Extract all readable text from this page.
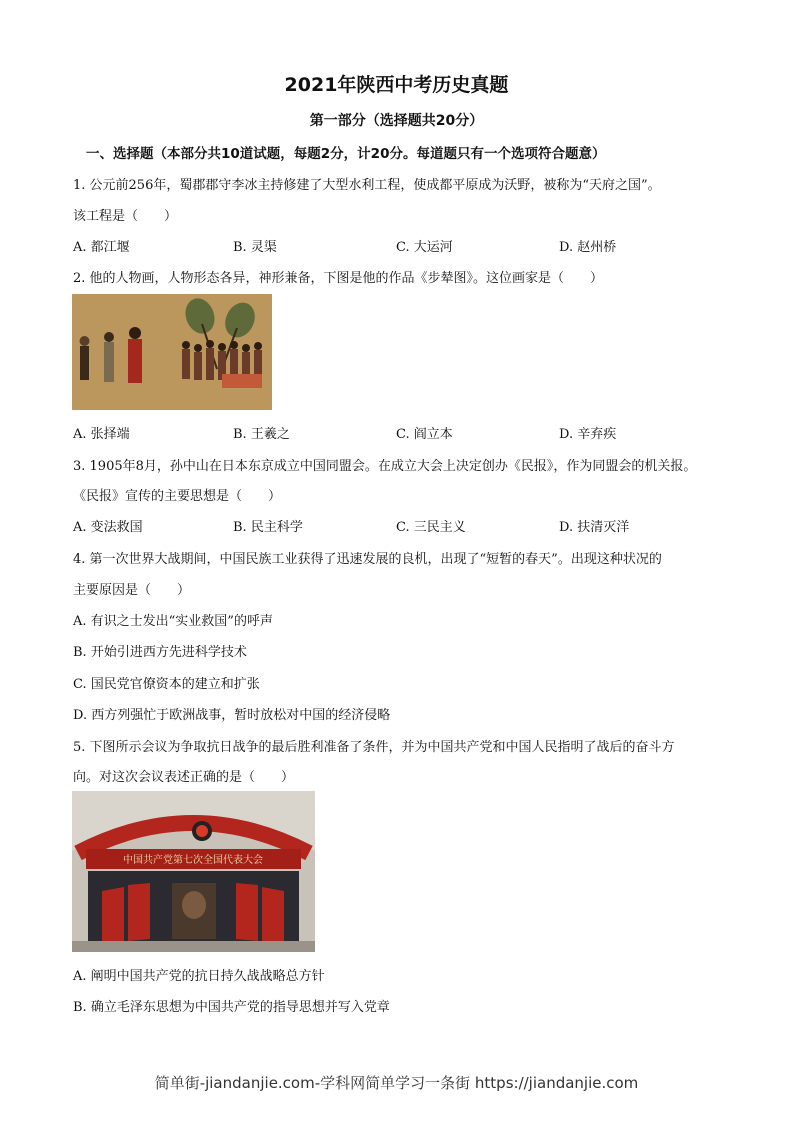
2021年陕西中考历史真题
第一部分（选择题共20分）
一、选择题（本部分共10道试题，每题2分，计20分。每道题只有一个选项符合题意）
1. 公元前256年，蜀郡郡守李冰主持修建了大型水利工程，使成都平原成为沃野，被称为“天府之国”。
该工程是（　　）
A. 都江堰	B. 灵渠	C. 大运河	D. 赵州桥
2. 他的人物画，人物形态各异，神形兼备，下图是他的作品《步辇图》。这位画家是（　　）
A. 张择端	B. 王羲之	C. 阎立本	D. 辛弃疾
3. 1905年8月，孙中山在日本东京成立中国同盟会。在成立大会上决定创办《民报》，作为同盟会的机关报。
《民报》宣传的主要思想是（　　）
A. 变法救国	B. 民主科学	C. 三民主义	D. 扶清灭洋
4. 第一次世界大战期间，中国民族工业获得了迅速发展的良机，出现了“短暂的春天”。出现这种状况的
主要原因是（　　）
A. 有识之士发出“实业救国”的呼声
B. 开始引进西方先进科学技术
C. 国民党官僚资本的建立和扩张
D. 西方列强忙于欧洲战事，暂时放松对中国的经济侵略
5. 下图所示会议为争取抗日战争的最后胜利准备了条件，并为中国共产党和中国人民指明了战后的奋斗方
向。对这次会议表述正确的是（　　）
中国共产党第七次全国代表大会
A. 阐明中国共产党的抗日持久战战略总方针
B. 确立毛泽东思想为中国共产党的指导思想并写入党章
简单街-jiandanjie.com-学科网简单学习一条街 https://jiandanjie.com
